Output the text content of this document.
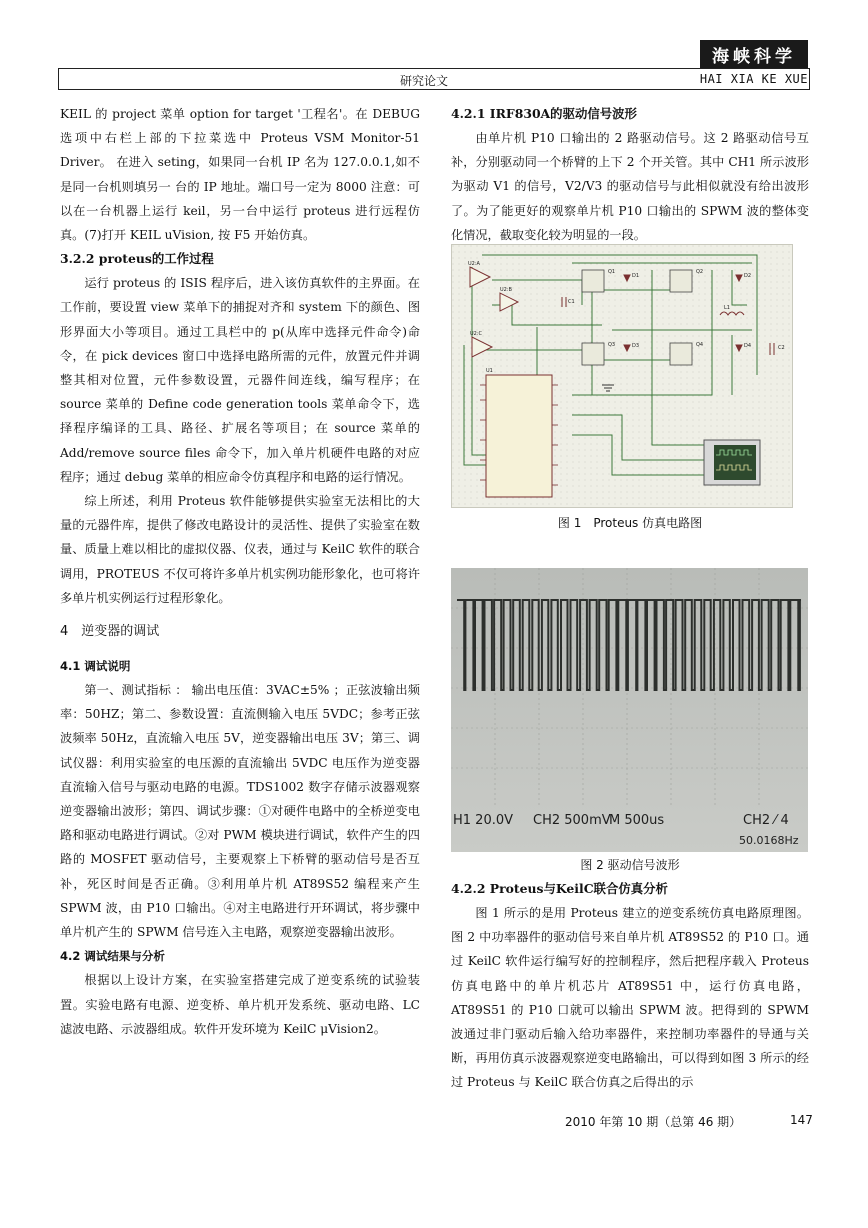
海峡科学
研究论文	HAI XIA KE XUE

KEIL 的 project 菜单 option for target '工程名'。在 DEBUG 选项中右栏上部的下拉菜选中 Proteus VSM Monitor-51 Driver。 在进入 seting，如果同一台机 IP 名为 127.0.0.1,如不是同一台机则填另一 台的 IP 地址。端口号一定为 8000 注意：可以在一台机器上运行 keil，另一台中运行 proteus 进行远程仿真。(7)打开 KEIL uVision, 按 F5 开始仿真。

3.2.2 proteus的工作过程

运行 proteus 的 ISIS 程序后，进入该仿真软件的主界面。在工作前，要设置 view 菜单下的捕捉对齐和 system 下的颜色、图形界面大小等项目。通过工具栏中的 p(从库中选择元件命令)命令，在 pick devices 窗口中选择电路所需的元件，放置元件并调整其相对位置，元件参数设置，元器件间连线，编写程序；在 source 菜单的 Define code generation tools 菜单命令下，选择程序编译的工具、路径、扩展名等项目；在 source 菜单的 Add/remove source files 命令下，加入单片机硬件电路的对应程序；通过 debug 菜单的相应命令仿真程序和电路的运行情况。

综上所述，利用 Proteus 软件能够提供实验室无法相比的大量的元器件库，提供了修改电路设计的灵活性、提供了实验室在数量、质量上难以相比的虚拟仪器、仪表，通过与 KeilC 软件的联合调用，PROTEUS 不仅可将许多单片机实例功能形象化，也可将许多单片机实例运行过程形象化。

4　逆变器的调试
4.1 调试说明

第一、测试指标 ： 输出电压值：3VAC±5% ；正弦波输出频率：50HZ；第二、参数设置：直流侧输入电压 5VDC；参考正弦波频率 50Hz，直流输入电压 5V，逆变器输出电压 3V；第三、调试仪器：利用实验室的电压源的直流输出 5VDC 电压作为逆变器直流输入信号与驱动电路的电源。TDS1002 数字存储示波器观察逆变器输出波形；第四、调试步骤：①对硬件电路中的全桥逆变电路和驱动电路进行调试。②对 PWM 模块进行调试，软件产生的四路的 MOSFET 驱动信号，主要观察上下桥臂的驱动信号是否互补，死区时间是否正确。③利用单片机 AT89S52 编程来产生 SPWM 波，由 P10 口输出。④对主电路进行开环调试，将步骤中单片机产生的 SPWM 信号连入主电路，观察逆变器输出波形。

4.2 调试结果与分析

根据以上设计方案，在实验室搭建完成了逆变系统的试验装置。实验电路有电源、逆变桥、单片机开发系统、驱动电路、LC 滤波电路、示波器组成。软件开发环境为 KeilC μVision2。

4.2.1 IRF830A的驱动信号波形

由单片机 P10 口输出的 2 路驱动信号。这 2 路驱动信号互补，分别驱动同一个桥臂的上下 2 个开关管。其中 CH1 所示波形为驱动 V1 的信号，V2/V3 的驱动信号与此相似就没有给出波形了。为了能更好的观察单片机 P10 口输出的 SPWM 波的整体变化情况，截取变化较为明显的一段。

U2:A
U2:B
U2:C
Q1	Q2
Q3	Q4
D1	D2
D3	D4
C1
C2
L1
U1
图 1　Proteus 仿真电路图
H1 20.0V CH2 500mV
M 500us	CH2 ⁄ 4
50.0168Hz
图 2 驱动信号波形
4.2.2 Proteus与KeilC联合仿真分析

图 1 所示的是用 Proteus 建立的逆变系统仿真电路原理图。图 2 中功率器件的驱动信号来自单片机 AT89S52 的 P10 口。通过 KeilC 软件运行编写好的控制程序，然后把程序载入 Proteus 仿真电路中的单片机芯片 AT89S51 中，运行仿真电路，AT89S51 的 P10 口就可以输出 SPWM 波。把得到的 SPWM 波通过非门驱动后输入给功率器件，来控制功率器件的导通与关断，再用仿真示波器观察逆变电路输出，可以得到如图 3 所示的经过 Proteus 与 KeilC 联合仿真之后得出的示

2010 年第 10 期（总第 46 期）	147
